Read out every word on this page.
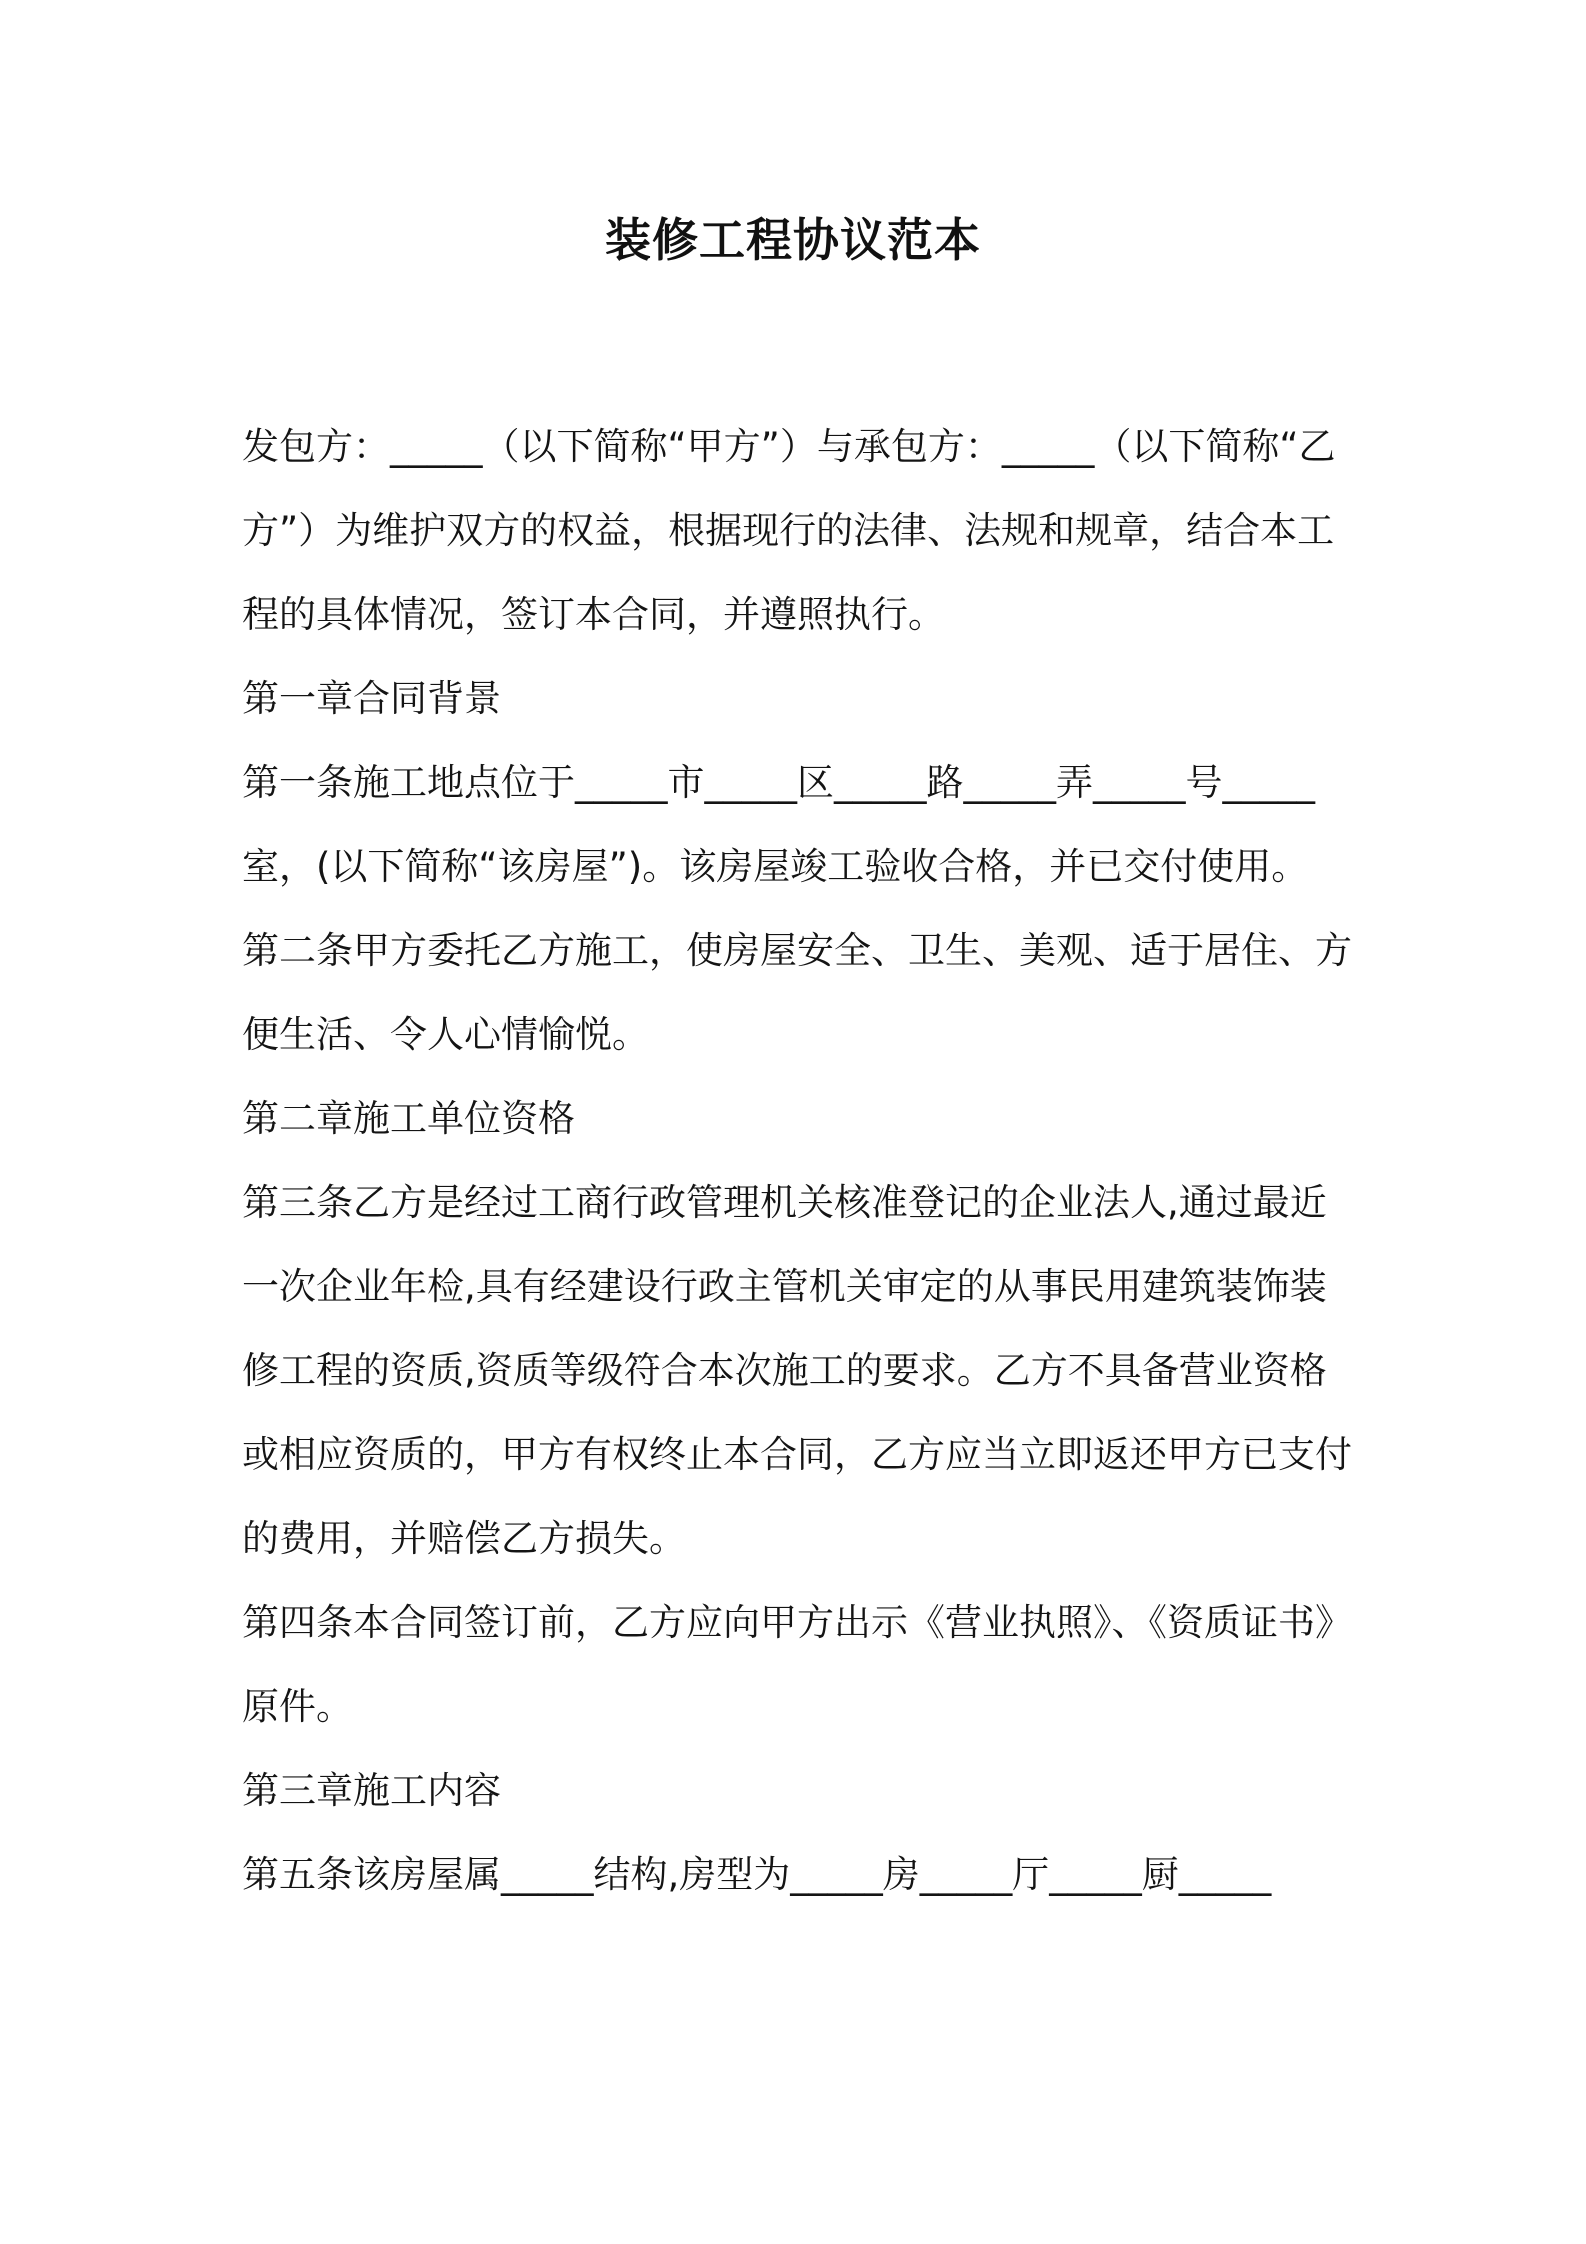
装修工程协议范本

发包方：_____（以下简称“甲方”）与承包方：_____（以下简称“乙方”）为维护双方的权益，根据现行的法律、法规和规章，结合本工程的具体情况，签订本合同，并遵照执行。

第一章合同背景

第一条施工地点位于_____市_____区_____路_____弄_____号_____室，(以下简称“该房屋”)。该房屋竣工验收合格，并已交付使用。

第二条甲方委托乙方施工，使房屋安全、卫生、美观、适于居住、方便生活、令人心情愉悦。

第二章施工单位资格

第三条乙方是经过工商行政管理机关核准登记的企业法人,通过最近一次企业年检,具有经建设行政主管机关审定的从事民用建筑装饰装修工程的资质,资质等级符合本次施工的要求。乙方不具备营业资格或相应资质的，甲方有权终止本合同，乙方应当立即返还甲方已支付的费用，并赔偿乙方损失。

第四条本合同签订前，乙方应向甲方出示《营业执照》、《资质证书》原件。

第三章施工内容

第五条该房屋属_____结构,房型为_____房_____厅_____厨_____
